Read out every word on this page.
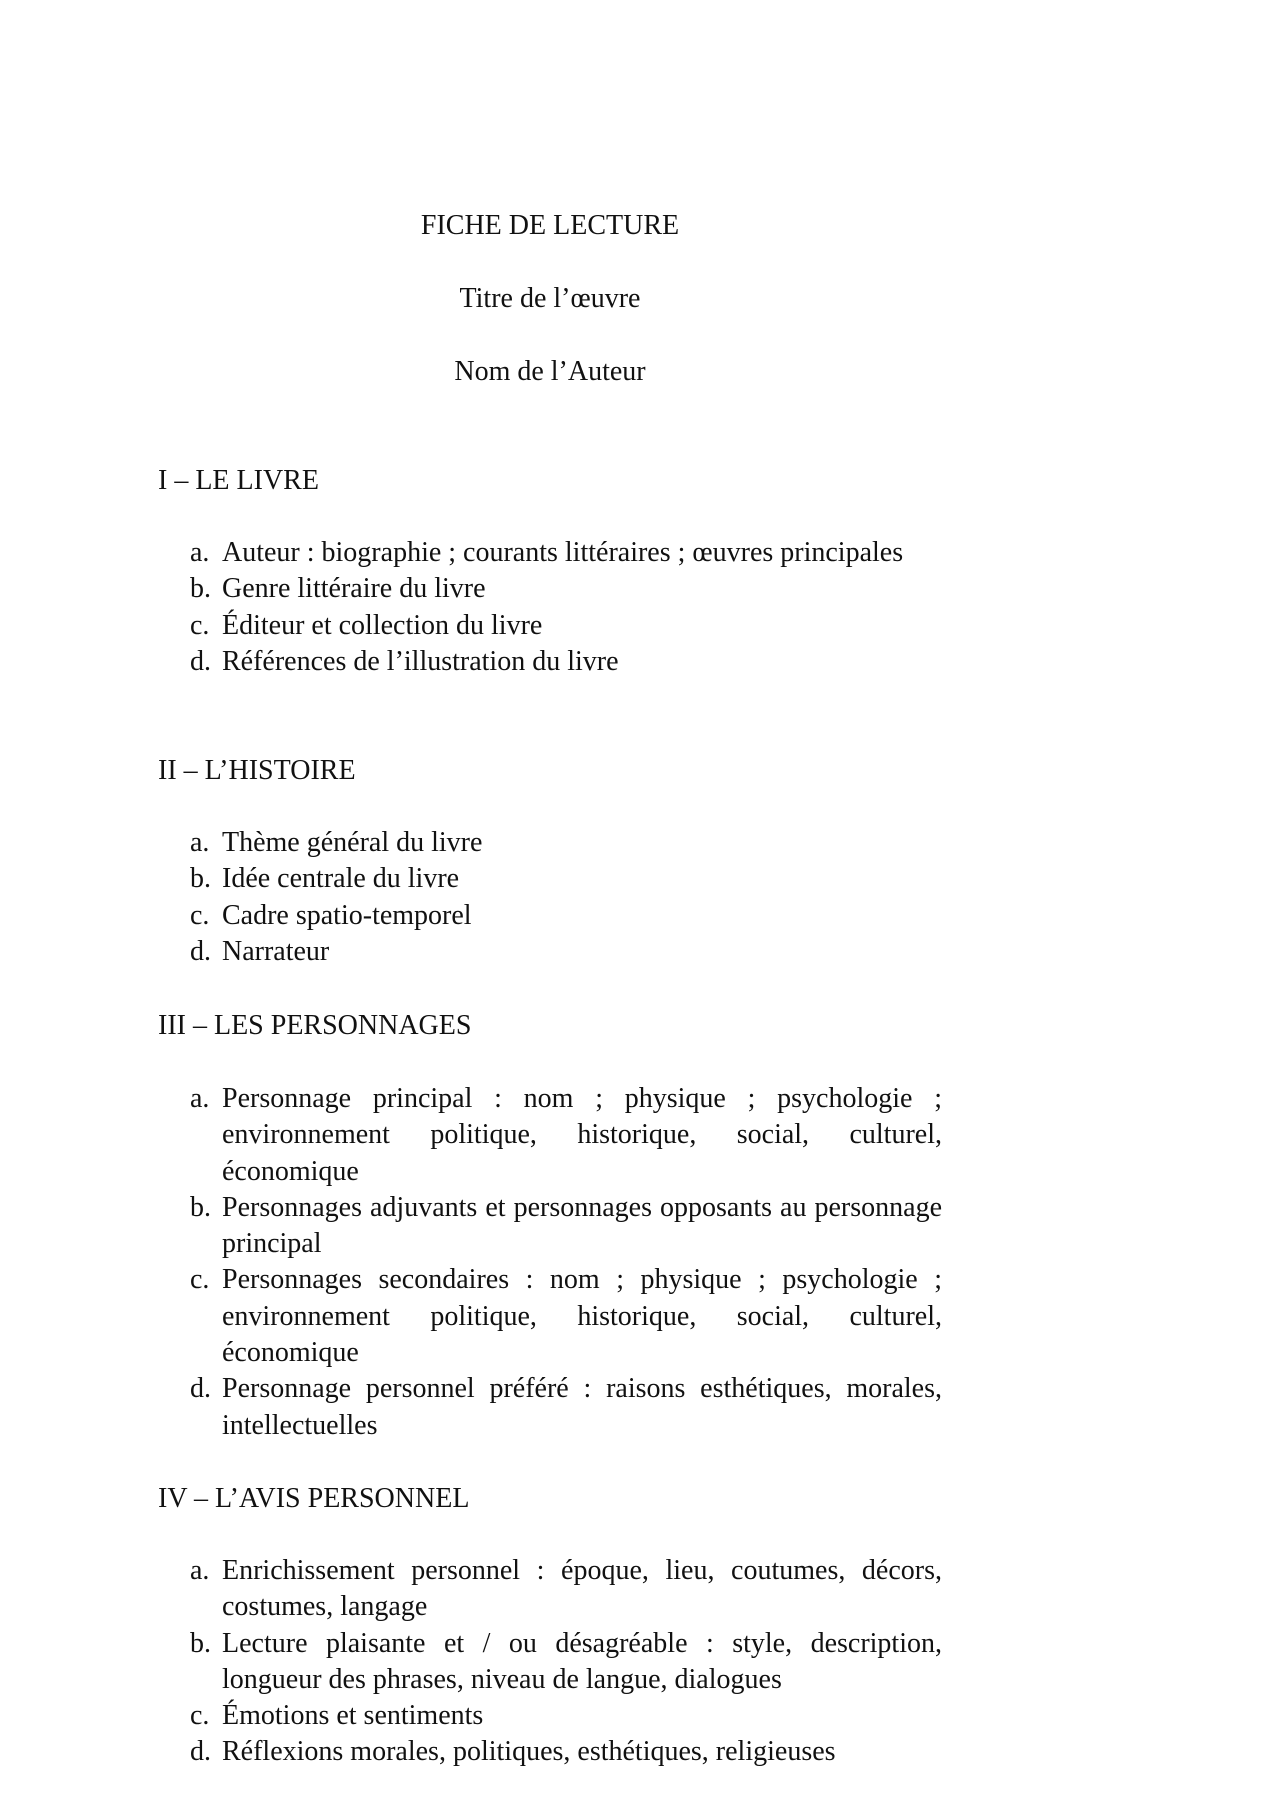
FICHE DE LECTURE
Titre de l’œuvre
Nom de l’Auteur
I – LE LIVRE
a. Auteur : biographie ; courants littéraires ; œuvres principales
b. Genre littéraire du livre
c. Éditeur et collection du livre
d. Références de l’illustration du livre
II – L’HISTOIRE
a. Thème général du livre
b. Idée centrale du livre
c. Cadre spatio-temporel
d. Narrateur
III – LES PERSONNAGES
a. Personnage principal : nom ; physique ; psychologie ; environnement politique, historique, social, culturel, économique
b. Personnages adjuvants et personnages opposants au personnage principal
c. Personnages secondaires : nom ; physique ; psychologie ; environnement politique, historique, social, culturel, économique
d. Personnage personnel préféré : raisons esthétiques, morales, intellectuelles
IV – L’AVIS PERSONNEL
a. Enrichissement personnel : époque, lieu, coutumes, décors, costumes, langage
b. Lecture plaisante et / ou désagréable : style, description, longueur des phrases, niveau de langue, dialogues
c. Émotions et sentiments
d. Réflexions morales, politiques, esthétiques, religieuses
